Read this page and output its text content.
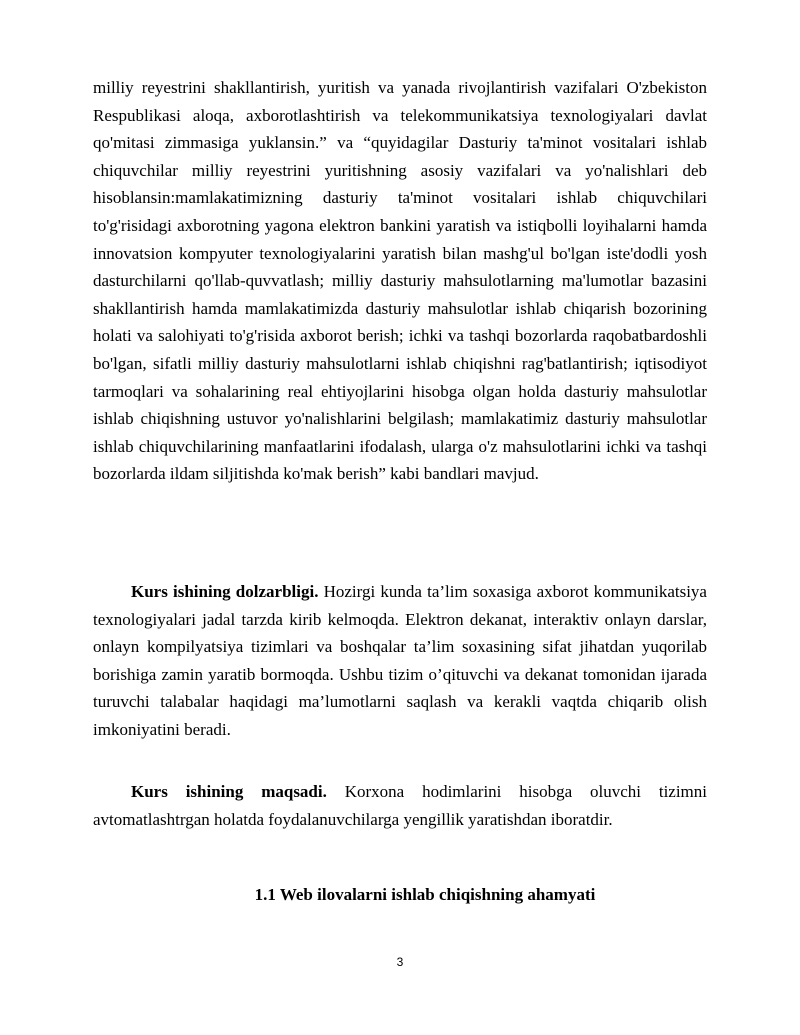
milliy reyestrini shakllantirish, yuritish va yanada rivojlantirish vazifalari O'zbekiston Respublikasi aloqa, axborotlashtirish va telekommunikatsiya texnologiyalari davlat qo'mitasi zimmasiga yuklansin.” va “quyidagilar Dasturiy ta'minot vositalari ishlab chiquvchilar milliy reyestrini yuritishning asosiy vazifalari va yo'nalishlari deb hisoblansin:mamlakatimizning dasturiy ta'minot vositalari ishlab chiquvchilari to'g'risidagi axborotning yagona elektron bankini yaratish va istiqbolli loyihalarni hamda innovatsion kompyuter texnologiyalarini yaratish bilan mashg'ul bo'lgan iste'dodli yosh dasturchilarni qo'llab-quvvatlash; milliy dasturiy mahsulotlarning ma'lumotlar bazasini shakllantirish hamda mamlakatimizda dasturiy mahsulotlar ishlab chiqarish bozorining holati va salohiyati to'g'risida axborot berish; ichki va tashqi bozorlarda raqobatbardoshli bo'lgan, sifatli milliy dasturiy mahsulotlarni ishlab chiqishni rag'batlantirish; iqtisodiyot tarmoqlari va sohalarining real ehtiyojlarini hisobga olgan holda dasturiy mahsulotlar ishlab chiqishning ustuvor yo'nalishlarini belgilash; mamlakatimiz dasturiy mahsulotlar ishlab chiquvchilarining manfaatlarini ifodalash, ularga o'z mahsulotlarini ichki va tashqi bozorlarda ildam siljitishda ko'mak berish” kabi bandlari mavjud.

Kurs ishining dolzarbligi. Hozirgi kunda ta’lim soxasiga axborot kommunikatsiya texnologiyalari jadal tarzda kirib kelmoqda. Elektron dekanat, interaktiv onlayn darslar, onlayn kompilyatsiya tizimlari va boshqalar ta’lim soxasining sifat jihatdan yuqorilab borishiga zamin yaratib bormoqda. Ushbu tizim o’qituvchi va dekanat tomonidan ijarada turuvchi talabalar haqidagi ma’lumotlarni saqlash va kerakli vaqtda chiqarib olish imkoniyatini beradi.

Kurs ishining maqsadi. Korxona hodimlarini hisobga oluvchi tizimni avtomatlashtrgan holatda foydalanuvchilarga yengillik yaratishdan iboratdir.

1.1 Web ilovalarni ishlab chiqishning ahamyati
3
